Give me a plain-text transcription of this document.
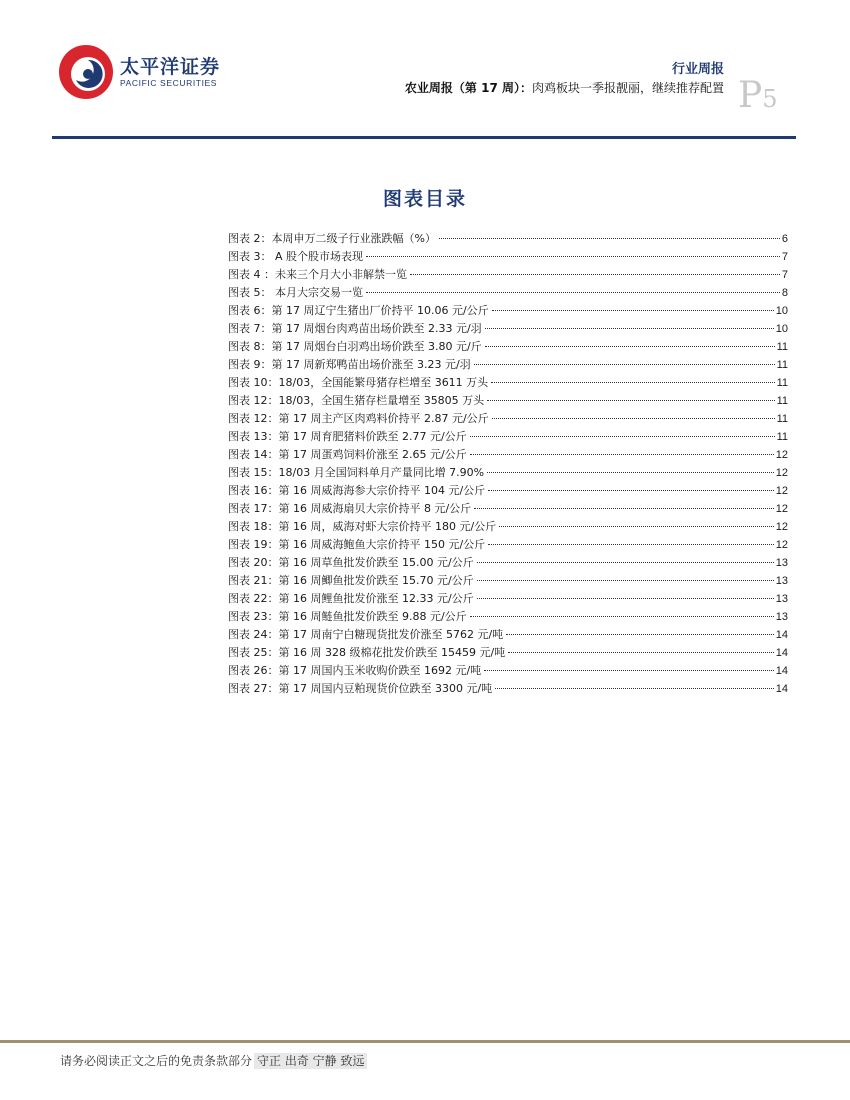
太平洋证券
PACIFIC SECURITIES
行业周报
农业周报（第 17 周）：肉鸡板块一季报靓丽，继续推荐配置 P5
图表目录
图表 2：本周申万二级子行业涨跌幅（%）	6
图表 3： A 股个股市场表现	7
图表 4 ：未来三个月大小非解禁一览	7
图表 5： 本月大宗交易一览	8
图表 6：第 17 周辽宁生猪出厂价持平 10.06 元/公斤	10
图表 7：第 17 周烟台肉鸡苗出场价跌至 2.33 元/羽	10
图表 8：第 17 周烟台白羽鸡出场价跌至 3.80 元/斤	11
图表 9：第 17 周新郑鸭苗出场价涨至 3.23 元/羽	11
图表 10：18/03，全国能繁母猪存栏增至 3611 万头	11
图表 12：18/03，全国生猪存栏量增至 35805 万头	11
图表 12：第 17 周主产区肉鸡料价持平 2.87 元/公斤	11
图表 13：第 17 周育肥猪料价跌至 2.77 元/公斤	11
图表 14：第 17 周蛋鸡饲料价涨至 2.65 元/公斤	12
图表 15：18/03 月全国饲料单月产量同比增 7.90%	12
图表 16：第 16 周威海海参大宗价持平 104 元/公斤	12
图表 17：第 16 周威海扇贝大宗价持平 8 元/公斤	12
图表 18：第 16 周，威海对虾大宗价持平 180 元/公斤	12
图表 19：第 16 周威海鲍鱼大宗价持平 150 元/公斤	12
图表 20：第 16 周草鱼批发价跌至 15.00 元/公斤	13
图表 21：第 16 周鲫鱼批发价跌至 15.70 元/公斤	13
图表 22：第 16 周鲤鱼批发价涨至 12.33 元/公斤	13
图表 23：第 16 周鲢鱼批发价跌至 9.88 元/公斤	13
图表 24：第 17 周南宁白糖现货批发价涨至 5762 元/吨	14
图表 25：第 16 周 328 级棉花批发价跌至 15459 元/吨	14
图表 26：第 17 周国内玉米收购价跌至 1692 元/吨	14
图表 27：第 17 周国内豆粕现货价位跌至 3300 元/吨	14
请务必阅读正文之后的免责条款部分 守正 出奇 宁静 致远
